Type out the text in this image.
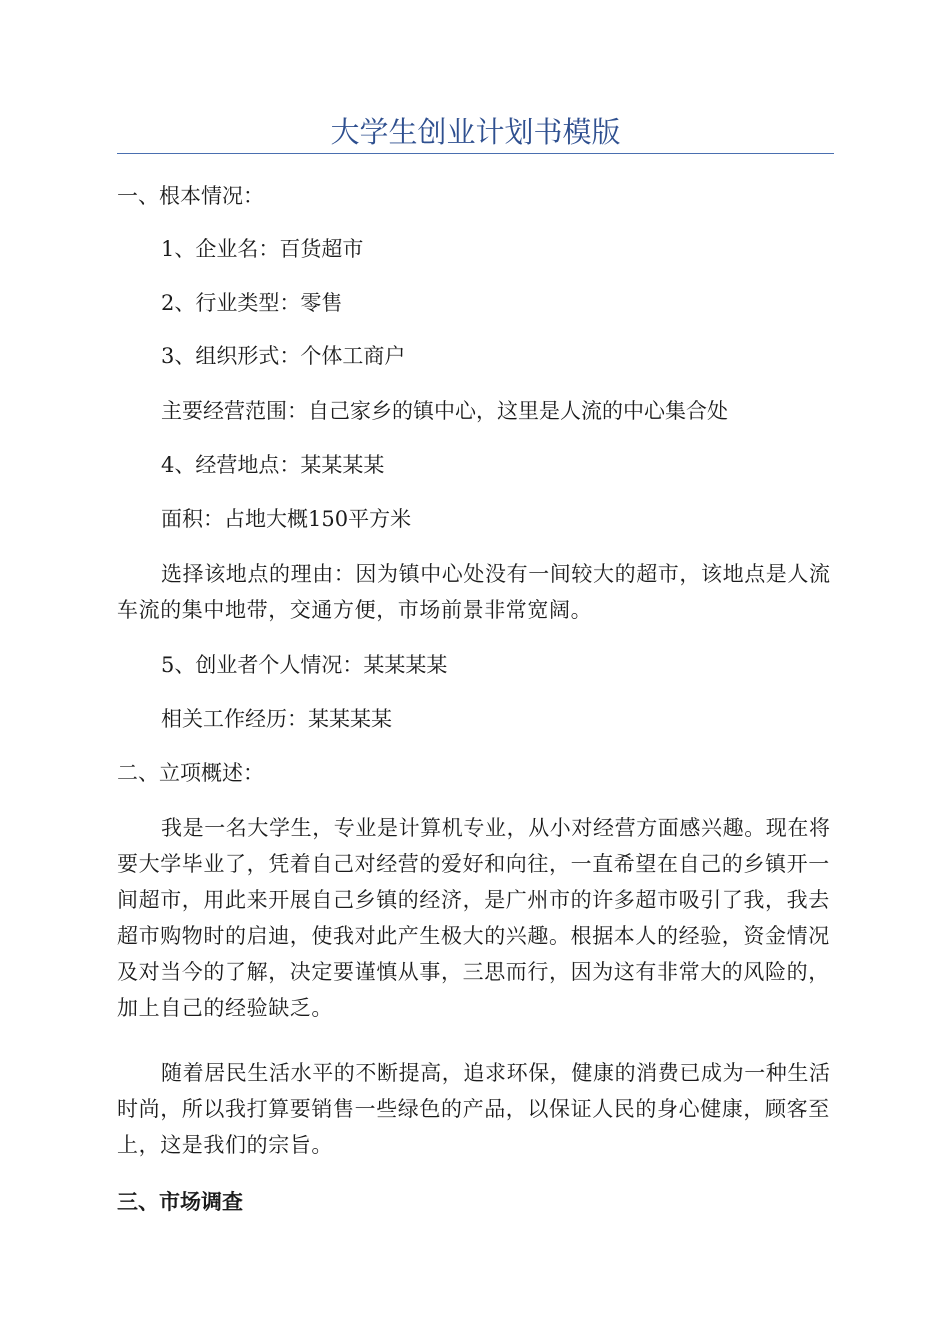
大学生创业计划书模版

一、根本情况：

1、企业名：百货超市

2、行业类型：零售

3、组织形式：个体工商户

主要经营范围：自己家乡的镇中心，这里是人流的中心集合处

4、经营地点：某某某某

面积：占地大概150平方米

选择该地点的理由：因为镇中心处没有一间较大的超市，该地点是人流车流的集中地带，交通方便，市场前景非常宽阔。

5、创业者个人情况：某某某某

相关工作经历：某某某某

二、立项概述：

我是一名大学生，专业是计算机专业，从小对经营方面感兴趣。现在将要大学毕业了，凭着自己对经营的爱好和向往，一直希望在自己的乡镇开一间超市，用此来开展自己乡镇的经济，是广州市的许多超市吸引了我，我去超市购物时的启迪，使我对此产生极大的兴趣。根据本人的经验，资金情况及对当今的了解，决定要谨慎从事，三思而行，因为这有非常大的风险的，加上自己的经验缺乏。

随着居民生活水平的不断提高，追求环保，健康的消费已成为一种生活时尚，所以我打算要销售一些绿色的产品，以保证人民的身心健康，顾客至上，这是我们的宗旨。

三、市场调查
